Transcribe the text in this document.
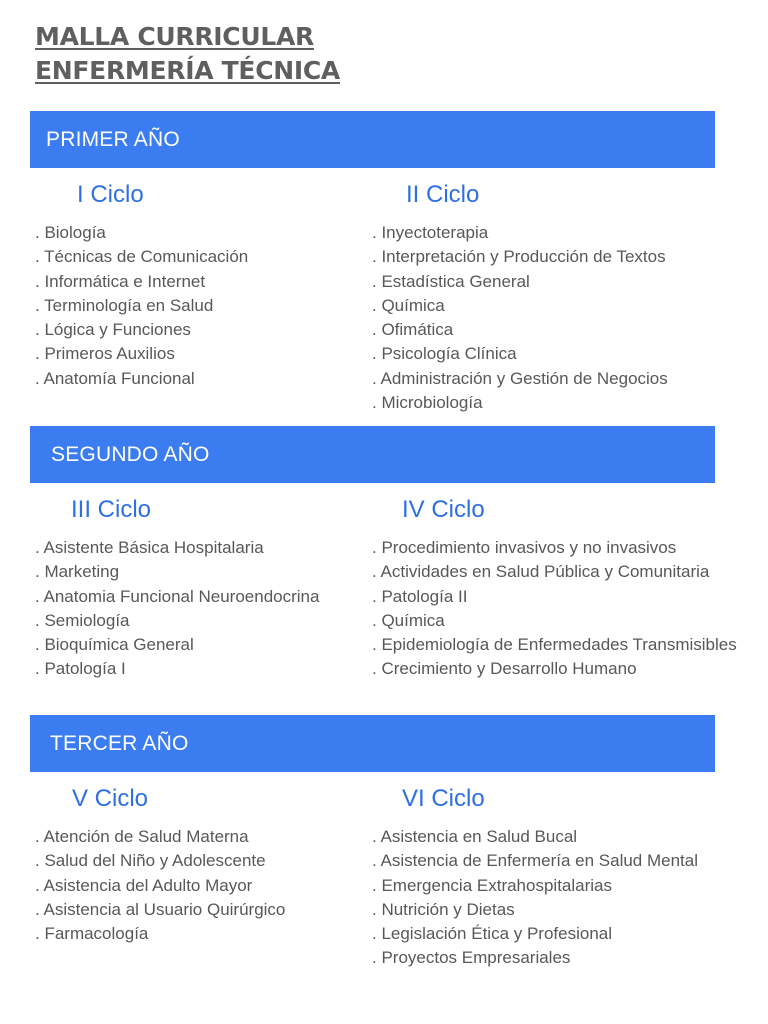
MALLA CURRICULAR
ENFERMERÍA TÉCNICA
PRIMER AÑO
I Ciclo
. Biología
. Técnicas de Comunicación
. Informática e Internet
. Terminología en Salud
. Lógica y Funciones
. Primeros Auxilios
. Anatomía Funcional
II Ciclo
. Inyectoterapia
. Interpretación y Producción de Textos
. Estadística General
. Química
. Ofimática
. Psicología Clínica
. Administración y Gestión de Negocios
. Microbiología
SEGUNDO AÑO
III Ciclo
. Asistente Básica Hospitalaria
. Marketing
. Anatomia Funcional Neuroendocrina
. Semiología
. Bioquímica General
. Patología I
IV Ciclo
. Procedimiento invasivos y no invasivos
. Actividades en Salud Pública y Comunitaria
. Patología II
. Química
. Epidemiología de Enfermedades Transmisibles
. Crecimiento y Desarrollo Humano
TERCER AÑO
V Ciclo
. Atención de Salud Materna
. Salud del Niño y Adolescente
. Asistencia del Adulto Mayor
. Asistencia al Usuario Quirúrgico
. Farmacología
VI Ciclo
. Asistencia en Salud Bucal
. Asistencia de Enfermería en Salud Mental
. Emergencia Extrahospitalarias
. Nutrición y Dietas
. Legislación Ética y Profesional
. Proyectos Empresariales
